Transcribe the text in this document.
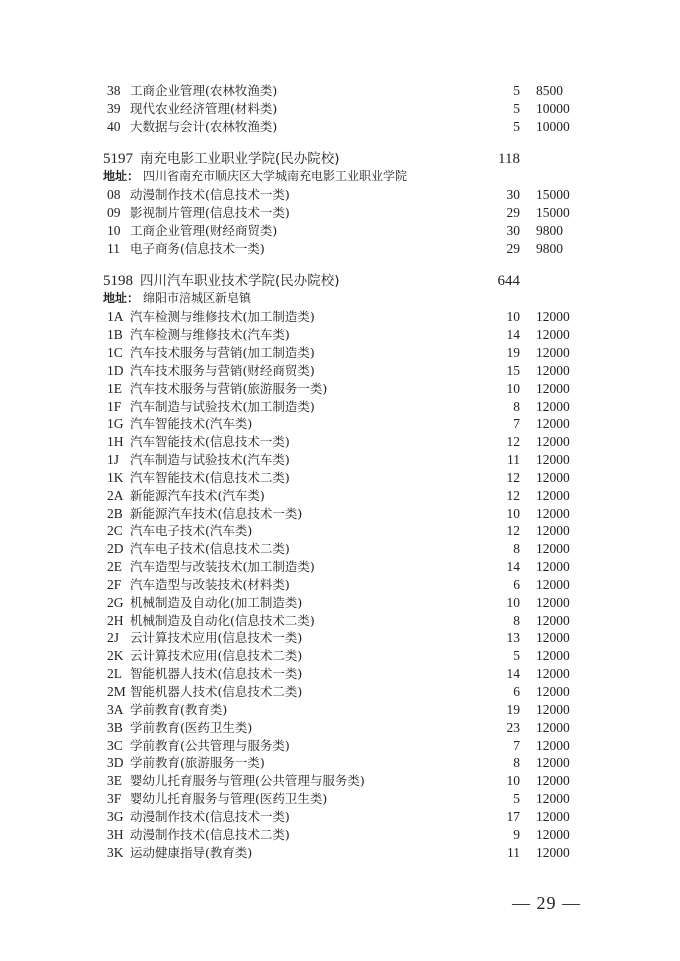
38 工商企业管理(农林牧渔类)	5 8500
39 现代农业经济管理(材料类)	5 10000
40 大数据与会计(农林牧渔类)	5 10000
5197 南充电影工业职业学院(民办院校)	118
地址： 四川省南充市顺庆区大学城南充电影工业职业学院
08 动漫制作技术(信息技术一类)	30 15000
09 影视制片管理(信息技术一类)	29 15000
10 工商企业管理(财经商贸类)	30 9800
11 电子商务(信息技术一类)	29 9800
5198 四川汽车职业技术学院(民办院校)	644
地址： 绵阳市涪城区新皂镇
1A 汽车检测与维修技术(加工制造类)	10 12000
1B 汽车检测与维修技术(汽车类)	14 12000
1C 汽车技术服务与营销(加工制造类)	19 12000
1D 汽车技术服务与营销(财经商贸类)	15 12000
1E 汽车技术服务与营销(旅游服务一类)	10 12000
1F 汽车制造与试验技术(加工制造类)	8 12000
1G 汽车智能技术(汽车类)	7 12000
1H 汽车智能技术(信息技术一类)	12 12000
1J 汽车制造与试验技术(汽车类)	11 12000
1K 汽车智能技术(信息技术二类)	12 12000
2A 新能源汽车技术(汽车类)	12 12000
2B 新能源汽车技术(信息技术一类)	10 12000
2C 汽车电子技术(汽车类)	12 12000
2D 汽车电子技术(信息技术二类)	8 12000
2E 汽车造型与改装技术(加工制造类)	14 12000
2F 汽车造型与改装技术(材料类)	6 12000
2G 机械制造及自动化(加工制造类)	10 12000
2H 机械制造及自动化(信息技术二类)	8 12000
2J 云计算技术应用(信息技术一类)	13 12000
2K 云计算技术应用(信息技术二类)	5 12000
2L 智能机器人技术(信息技术一类)	14 12000
2M 智能机器人技术(信息技术二类)	6 12000
3A 学前教育(教育类)	19 12000
3B 学前教育(医药卫生类)	23 12000
3C 学前教育(公共管理与服务类)	7 12000
3D 学前教育(旅游服务一类)	8 12000
3E 婴幼儿托育服务与管理(公共管理与服务类)	10 12000
3F 婴幼儿托育服务与管理(医药卫生类)	5 12000
3G 动漫制作技术(信息技术一类)	17 12000
3H 动漫制作技术(信息技术二类)	9 12000
3K 运动健康指导(教育类)	11 12000
— 29 —
